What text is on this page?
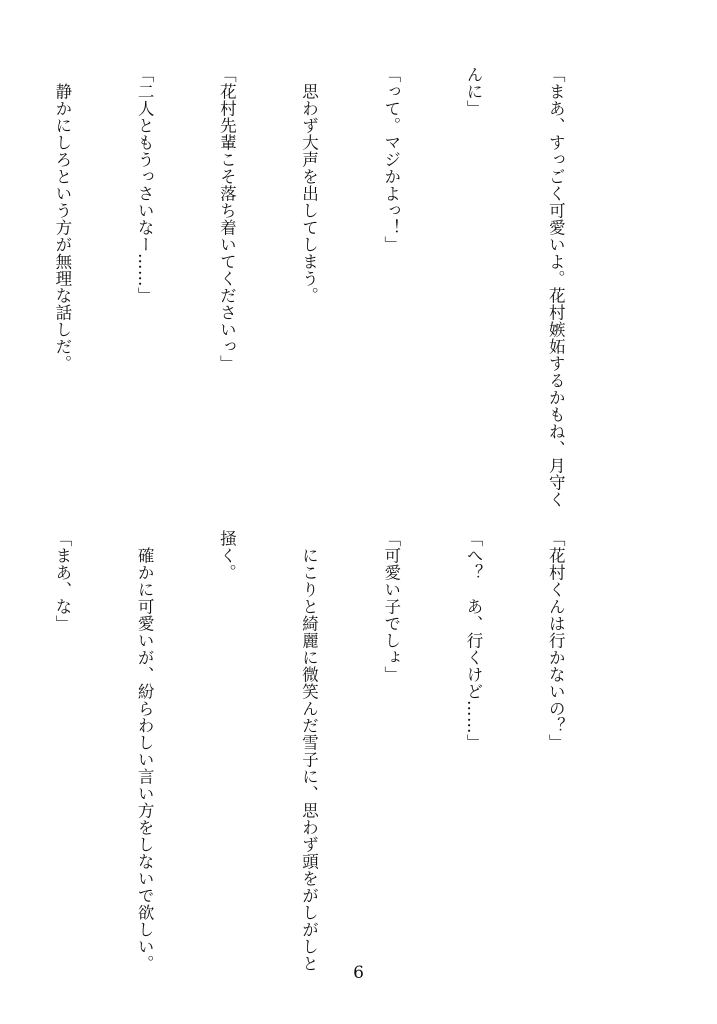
「まあ、すっごく可愛いよ。花村嫉妬するかもね、月守く

んに」

「って。マジかよっ！」

　思わず大声を出してしまう。

「花村先輩こそ落ち着いてくださいっ」

「二人ともうっさいなー……」

　静かにしろという方が無理な話しだ。

「花村くんは行かないの？」

「へ？　あ、行くけど……」

「可愛い子でしょ」

　にこりと綺麗に微笑んだ雪子に、思わず頭をがしがしと

掻く。

　確かに可愛いが、紛らわしい言い方をしないで欲しい。

「まあ、な」

6
